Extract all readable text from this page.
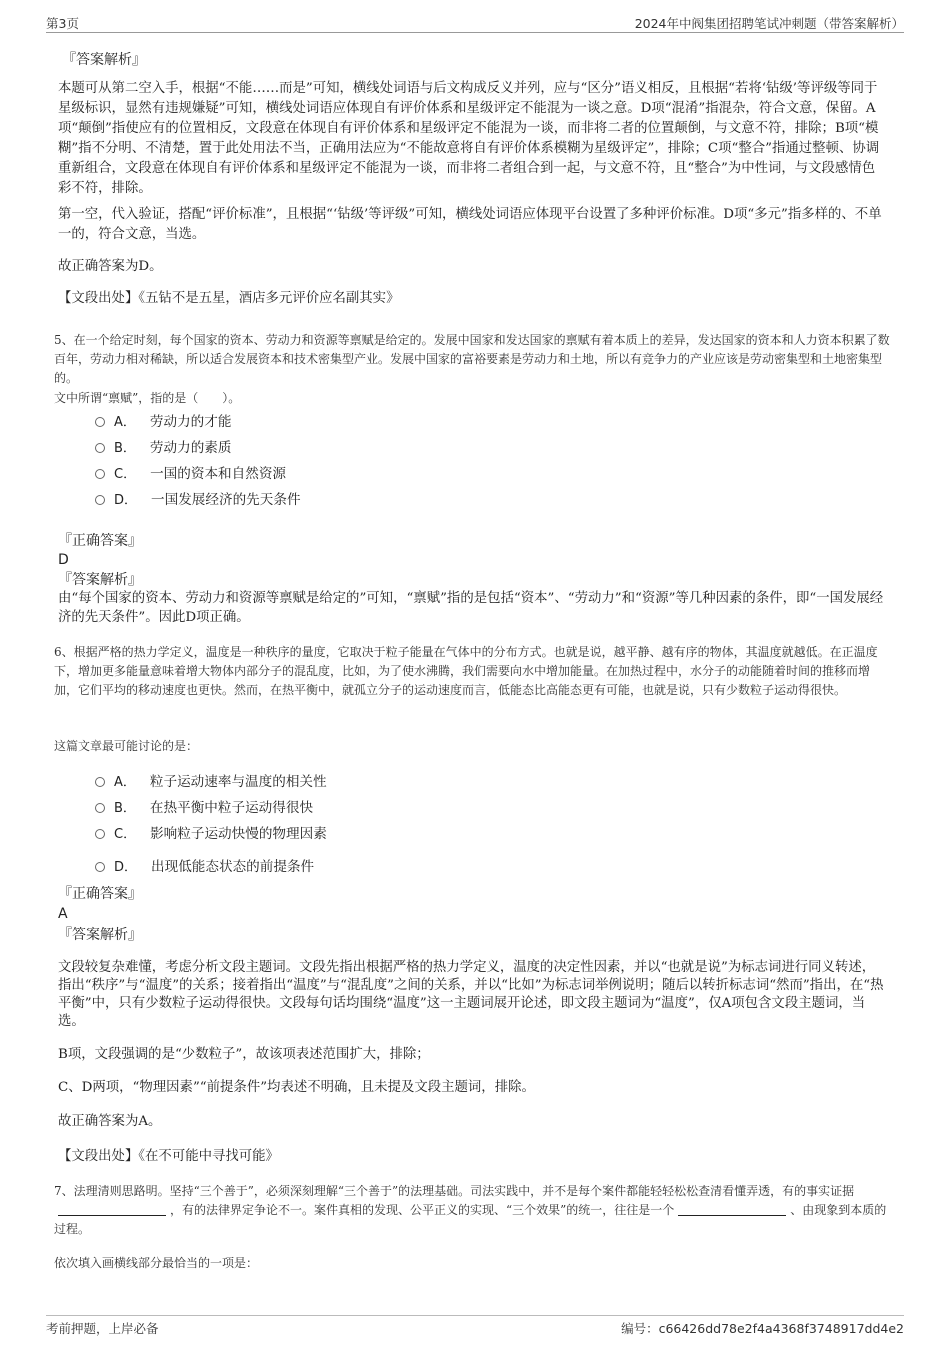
第3页	2024年中阀集团招聘笔试冲刺题（带答案解析）
『答案解析』
本题可从第二空入手，根据“不能……而是”可知，横线处词语与后文构成反义并列，应与“区分”语义相反，且根据“若将‘钻级’等评级等同于星级标识，显然有违规嫌疑”可知，横线处词语应体现自有评价体系和星级评定不能混为一谈之意。D项“混淆”指混杂，符合文意，保留。A项“颠倒”指使应有的位置相反，文段意在体现自有评价体系和星级评定不能混为一谈，而非将二者的位置颠倒，与文意不符，排除；B项“模糊”指不分明、不清楚，置于此处用法不当，正确用法应为“不能故意将自有评价体系模糊为星级评定”，排除；C项“整合”指通过整顿、协调重新组合，文段意在体现自有评价体系和星级评定不能混为一谈，而非将二者组合到一起，与文意不符，且“整合”为中性词，与文段感情色彩不符，排除。
第一空，代入验证，搭配“评价标准”，且根据“‘钻级’等评级”可知，横线处词语应体现平台设置了多种评价标准。D项“多元”指多样的、不单一的，符合文意，当选。
故正确答案为D。
【文段出处】《五钻不是五星，酒店多元评价应名副其实》
5、在一个给定时刻，每个国家的资本、劳动力和资源等禀赋是给定的。发展中国家和发达国家的禀赋有着本质上的差异，发达国家的资本和人力资本积累了数百年，劳动力相对稀缺，所以适合发展资本和技术密集型产业。发展中国家的富裕要素是劳动力和土地，所以有竞争力的产业应该是劳动密集型和土地密集型的。
文中所谓“禀赋”，指的是（　　）。
A． 劳动力的才能
B． 劳动力的素质
C． 一国的资本和自然资源
D． 一国发展经济的先天条件
『正确答案』
D
『答案解析』
由“每个国家的资本、劳动力和资源等禀赋是给定的”可知，“禀赋”指的是包括“资本”、“劳动力”和“资源”等几种因素的条件，即“一国发展经济的先天条件”。因此D项正确。
6、根据严格的热力学定义，温度是一种秩序的量度，它取决于粒子能量在气体中的分布方式。也就是说，越平静、越有序的物体，其温度就越低。在正温度下，增加更多能量意味着增大物体内部分子的混乱度，比如，为了使水沸腾，我们需要向水中增加能量。在加热过程中，水分子的动能随着时间的推移而增加，它们平均的移动速度也更快。然而，在热平衡中，就孤立分子的运动速度而言，低能态比高能态更有可能，也就是说，只有少数粒子运动得很快。
这篇文章最可能讨论的是：
A． 粒子运动速率与温度的相关性
B． 在热平衡中粒子运动得很快
C． 影响粒子运动快慢的物理因素
D． 出现低能态状态的前提条件
『正确答案』
A
『答案解析』
文段较复杂难懂，考虑分析文段主题词。文段先指出根据严格的热力学定义，温度的决定性因素，并以“也就是说”为标志词进行同义转述，指出“秩序”与“温度”的关系；接着指出“温度”与“混乱度”之间的关系，并以“比如”为标志词举例说明；随后以转折标志词“然而”指出，在“热平衡”中，只有少数粒子运动得很快。文段每句话均围绕“温度”这一主题词展开论述，即文段主题词为“温度”，仅A项包含文段主题词，当选。
B项，文段强调的是“少数粒子”，故该项表述范围扩大，排除；
C、D两项，“物理因素”“前提条件”均表述不明确，且未提及文段主题词，排除。
故正确答案为A。
【文段出处】《在不可能中寻找可能》
7、法理清则思路明。坚持“三个善于”，必须深刻理解“三个善于”的法理基础。司法实践中，并不是每个案件都能轻轻松松查清看懂弄透，有的事实证据，有的法律界定争论不一。案件真相的发现、公平正义的实现、“三个效果”的统一，往往是一个	、由现象到本质的过程。
依次填入画横线部分最恰当的一项是：
考前押题，上岸必备	编号：c66426dd78e2f4a4368f3748917dd4e2
